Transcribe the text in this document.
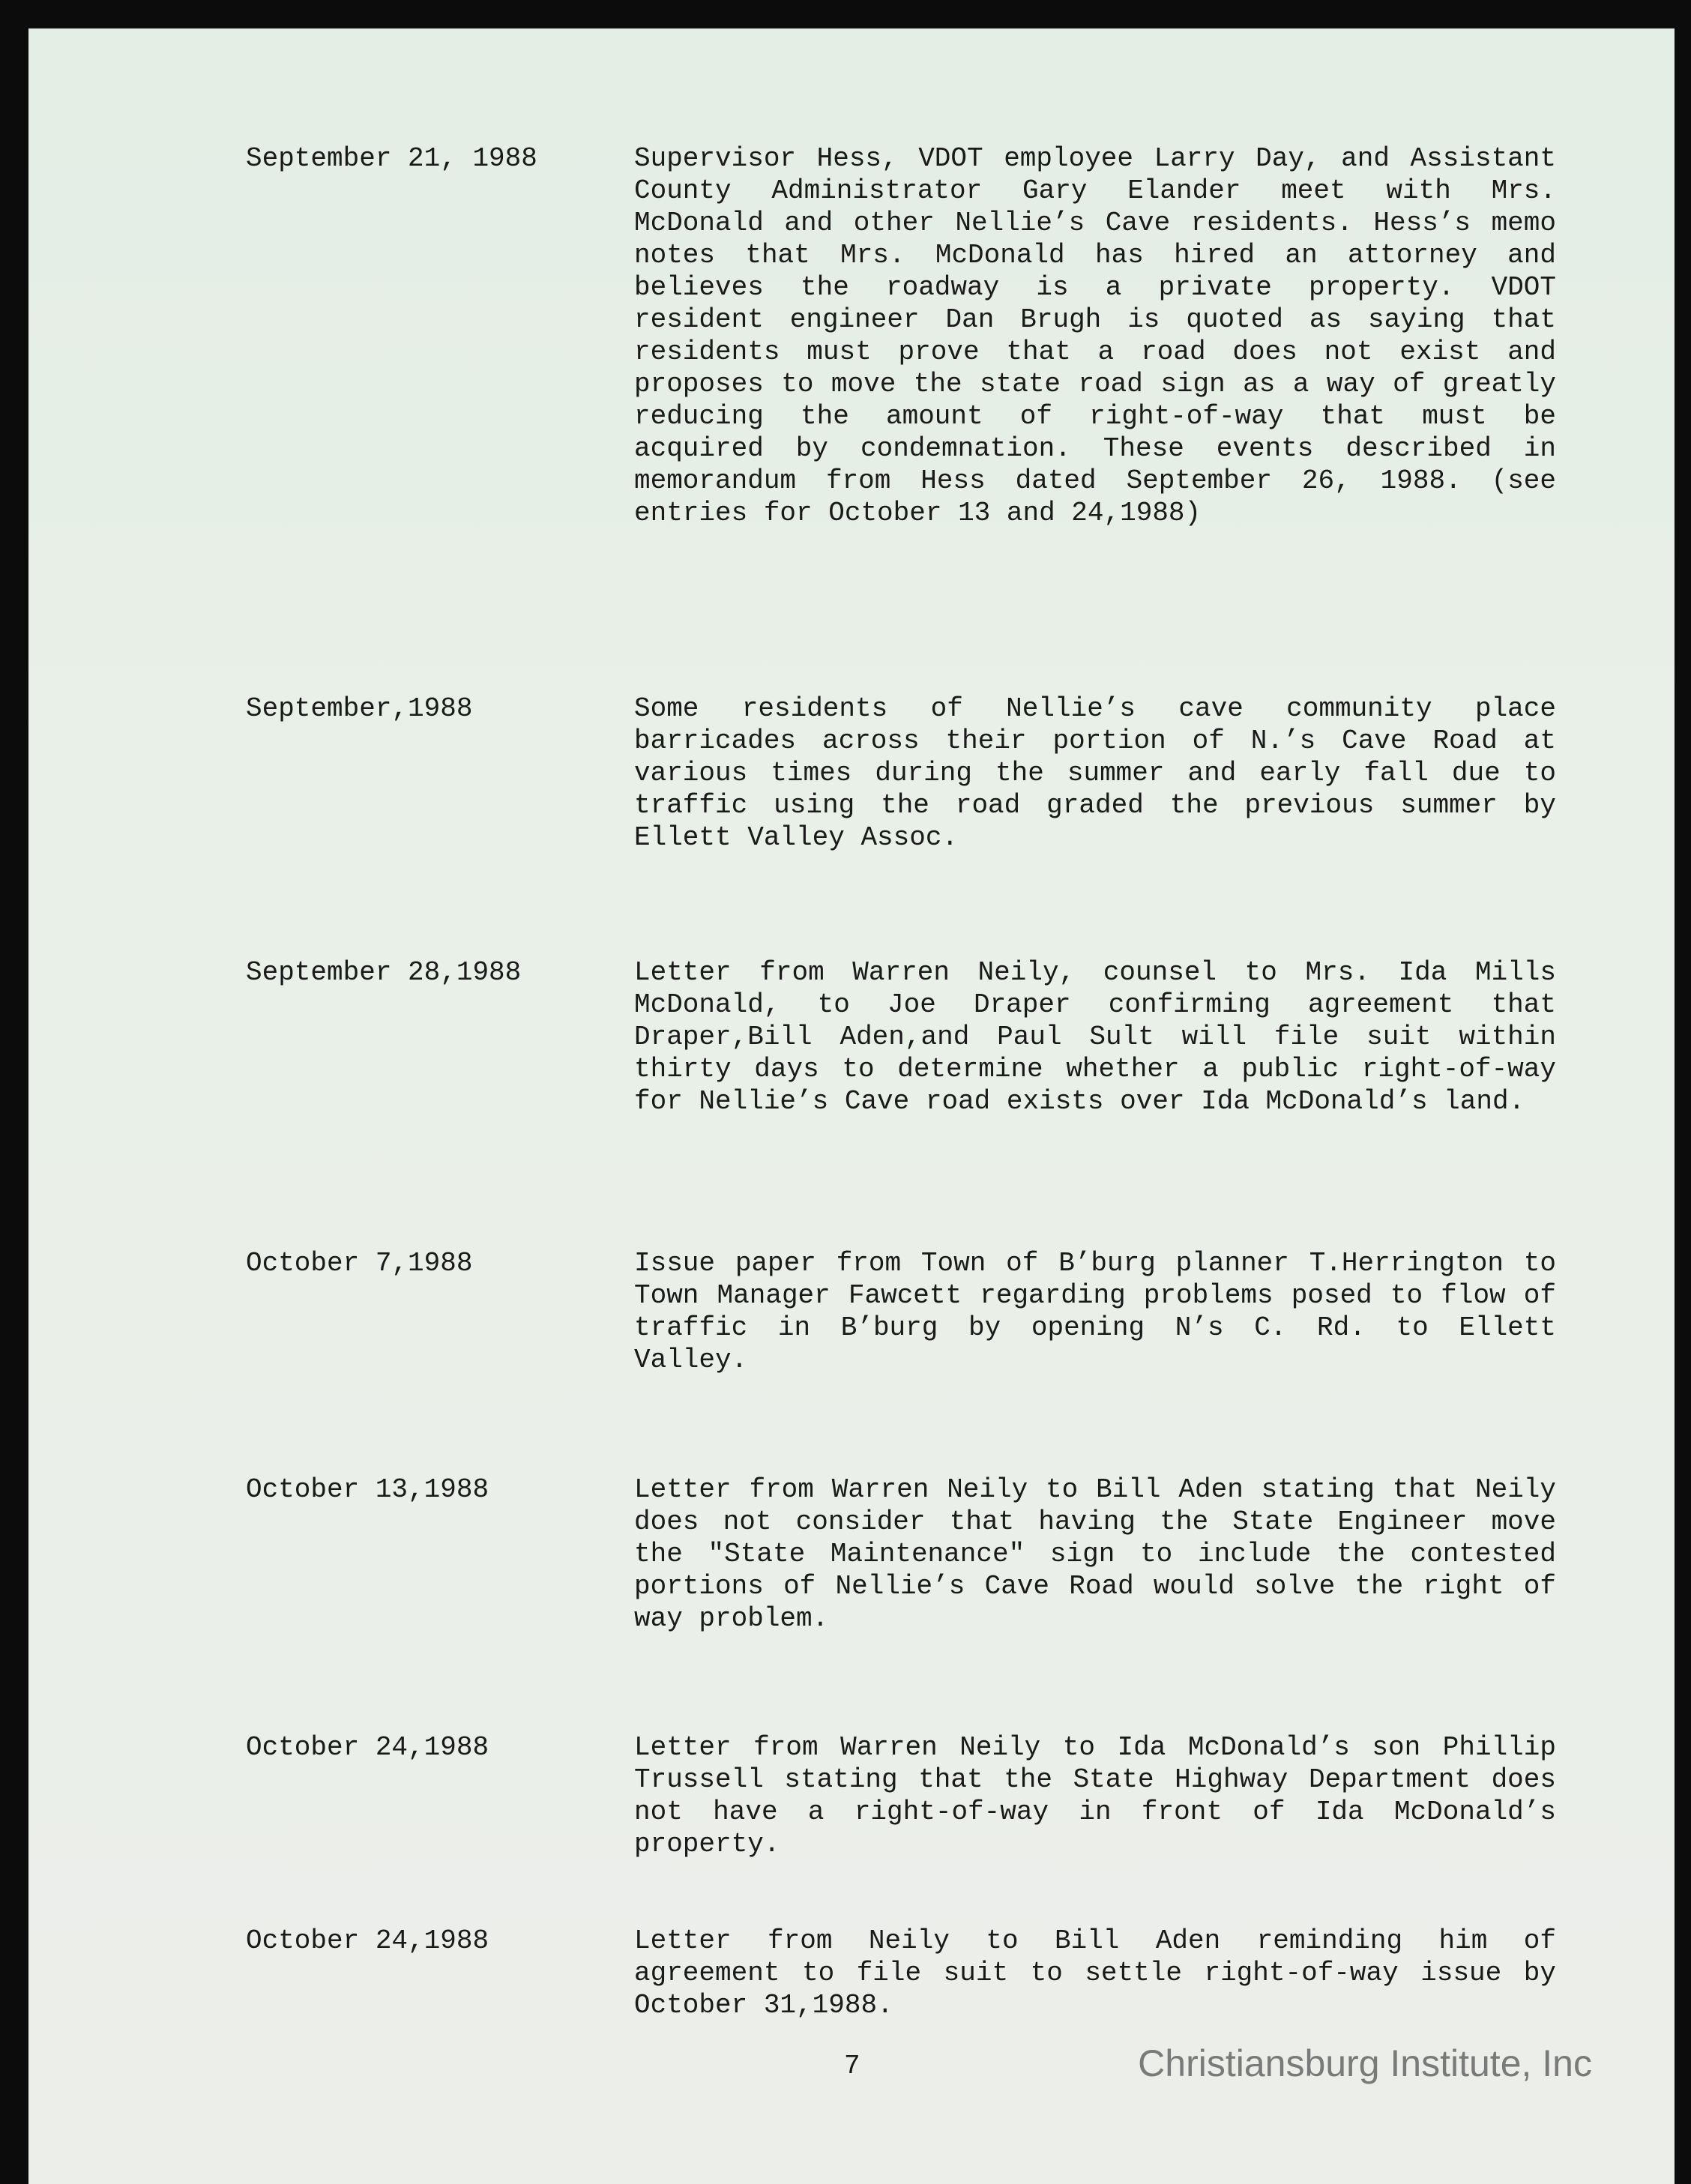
September 21, 1988	Supervisor Hess, VDOT employee Larry Day, and Assistant County Administrator Gary Elander meet with Mrs. McDonald and other Nellie’s Cave residents. Hess’s memo notes that Mrs. McDonald has hired an attorney and believes the roadway is a private property. VDOT resident engineer Dan Brugh is quoted as saying that residents must prove that a road does not exist and proposes to move the state road sign as a way of greatly reducing the amount of right-of-way that must be acquired by condemnation. These events described in memorandum from Hess dated September 26, 1988. (see entries for October 13 and 24,1988)

September,1988	Some residents of Nellie’s cave community place barricades across their portion of N.’s Cave Road at various times during the summer and early fall due to traffic using the road graded the previous summer by Ellett Valley Assoc.

September 28,1988	Letter from Warren Neily, counsel to Mrs. Ida Mills McDonald, to Joe Draper confirming agreement that Draper,Bill Aden,and Paul Sult will file suit within thirty days to determine whether a public right-of-way for Nellie’s Cave road exists over Ida McDonald’s land.

October 7,1988	Issue paper from Town of B’burg planner T.Herrington to Town Manager Fawcett regarding problems posed to flow of traffic in B’burg by opening N’s C. Rd. to Ellett Valley.

October 13,1988	Letter from Warren Neily to Bill Aden stating that Neily does not consider that having the State Engineer move the "State Maintenance" sign to include the contested portions of Nellie’s Cave Road would solve the right of way problem.

October 24,1988	Letter from Warren Neily to Ida McDonald’s son Phillip Trussell stating that the State Highway Department does not have a right-of-way in front of Ida McDonald’s property.

October 24,1988	Letter from Neily to Bill Aden reminding him of agreement to file suit to settle right-of-way issue by October 31,1988.

7	Christiansburg Institute, Inc
